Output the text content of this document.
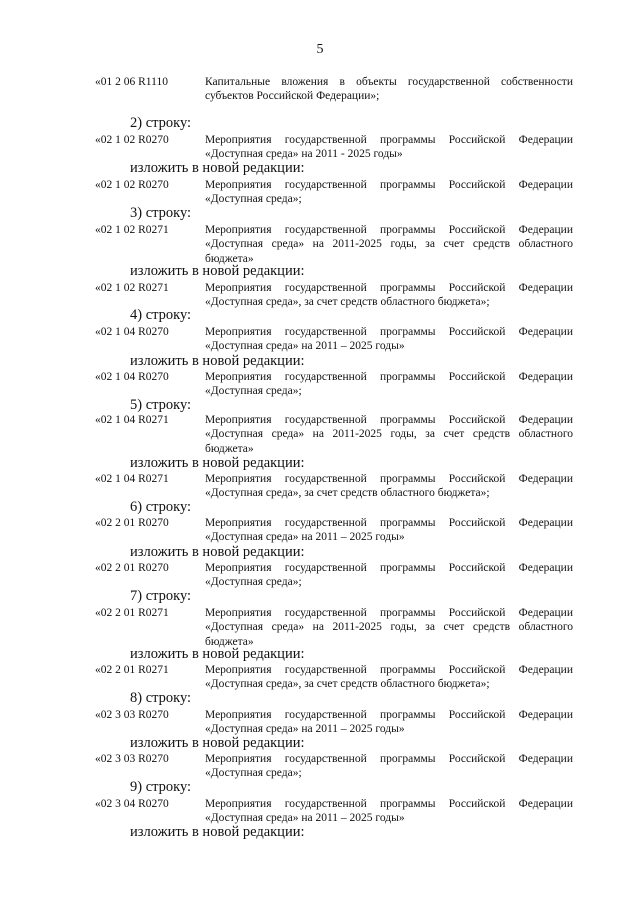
5
«01 2 06 R1110	Капитальные вложения в объекты государственной собственности субъектов Российской Федерации»;
2) строку:
«02 1 02 R0270	Мероприятия государственной программы Российской Федерации «Доступная среда» на 2011 - 2025 годы»
изложить в новой редакции:
«02 1 02 R0270	Мероприятия государственной программы Российской Федерации «Доступная среда»;
3) строку:
«02 1 02 R0271	Мероприятия государственной программы Российской Федерации «Доступная среда» на 2011-2025 годы, за счет средств областного бюджета»
изложить в новой редакции:
«02 1 02 R0271	Мероприятия государственной программы Российской Федерации «Доступная среда», за счет средств областного бюджета»;
4) строку:
«02 1 04 R0270	Мероприятия государственной программы Российской Федерации «Доступная среда» на 2011 – 2025 годы»
изложить в новой редакции:
«02 1 04 R0270	Мероприятия государственной программы Российской Федерации «Доступная среда»;
5) строку:
«02 1 04 R0271	Мероприятия государственной программы Российской Федерации «Доступная среда» на 2011-2025 годы, за счет средств областного бюджета»
изложить в новой редакции:
«02 1 04 R0271	Мероприятия государственной программы Российской Федерации «Доступная среда», за счет средств областного бюджета»;
6) строку:
«02 2 01 R0270	Мероприятия государственной программы Российской Федерации «Доступная среда» на 2011 – 2025 годы»
изложить в новой редакции:
«02 2 01 R0270	Мероприятия государственной программы Российской Федерации «Доступная среда»;
7) строку:
«02 2 01 R0271	Мероприятия государственной программы Российской Федерации «Доступная среда» на 2011-2025 годы, за счет средств областного бюджета»
изложить в новой редакции:
«02 2 01 R0271	Мероприятия государственной программы Российской Федерации «Доступная среда», за счет средств областного бюджета»;
8) строку:
«02 3 03 R0270	Мероприятия государственной программы Российской Федерации «Доступная среда» на 2011 – 2025 годы»
изложить в новой редакции:
«02 3 03 R0270	Мероприятия государственной программы Российской Федерации «Доступная среда»;
9) строку:
«02 3 04 R0270	Мероприятия государственной программы Российской Федерации «Доступная среда» на 2011 – 2025 годы»
изложить в новой редакции:
